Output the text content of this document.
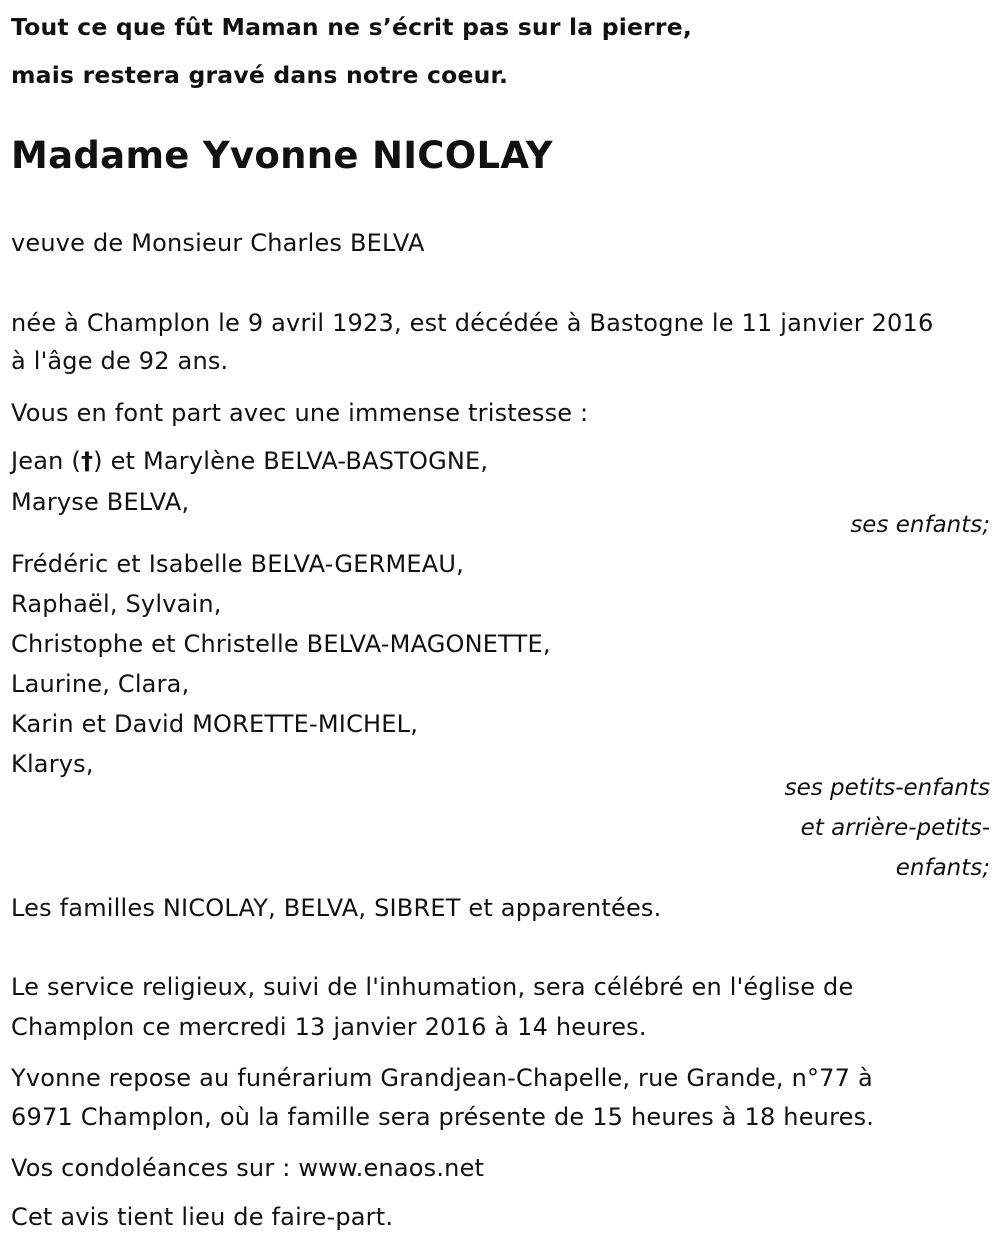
Tout ce que fût Maman ne s’écrit pas sur la pierre,
mais restera gravé dans notre coeur.
Madame Yvonne NICOLAY
veuve de Monsieur Charles BELVA
née à Champlon le 9 avril 1923, est décédée à Bastogne le 11 janvier 2016
à l'âge de 92 ans.
Vous en font part avec une immense tristesse :
Jean (†) et Marylène BELVA-BASTOGNE,
Maryse BELVA,
ses enfants;
Frédéric et Isabelle BELVA-GERMEAU,
Raphaël, Sylvain,
Christophe et Christelle BELVA-MAGONETTE,
Laurine, Clara,
Karin et David MORETTE-MICHEL,
Klarys,
ses petits-enfants
et arrière-petits-
enfants;
Les familles NICOLAY, BELVA, SIBRET et apparentées.
Le service religieux, suivi de l'inhumation, sera célébré en l'église de
Champlon ce mercredi 13 janvier 2016 à 14 heures.
Yvonne repose au funérarium Grandjean-Chapelle, rue Grande, n°77 à
6971 Champlon, où la famille sera présente de 15 heures à 18 heures.
Vos condoléances sur : www.enaos.net
Cet avis tient lieu de faire-part.
